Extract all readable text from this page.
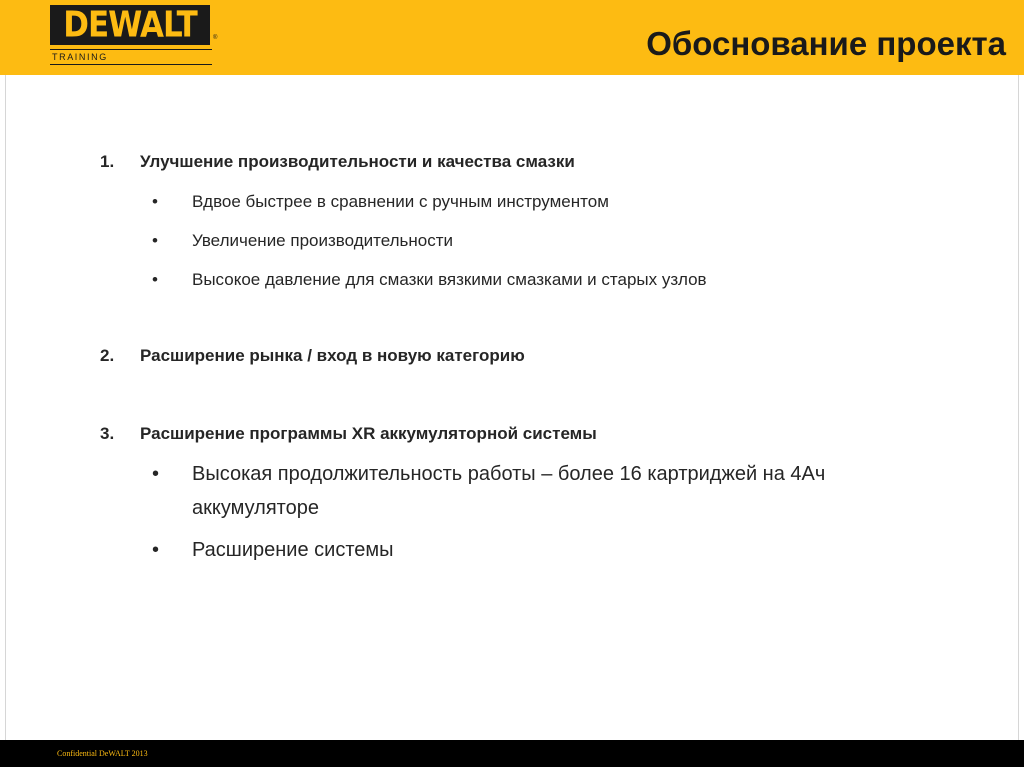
DEWALT	®
TRAINING	Обоснование проекта
1. Улучшение производительности и качества смазки
• Вдвое быстрее в сравнении с ручным инструментом
• Увеличение производительности
• Высокое давление для смазки вязкими смазками и старых узлов
2. Расширение рынка / вход в новую категорию
3. Расширение программы XR аккумуляторной системы
• Высокая продолжительность работы – более 16 картриджей на 4Ач
аккумуляторе
• Расширение системы
Confidential DeWALT 2013
